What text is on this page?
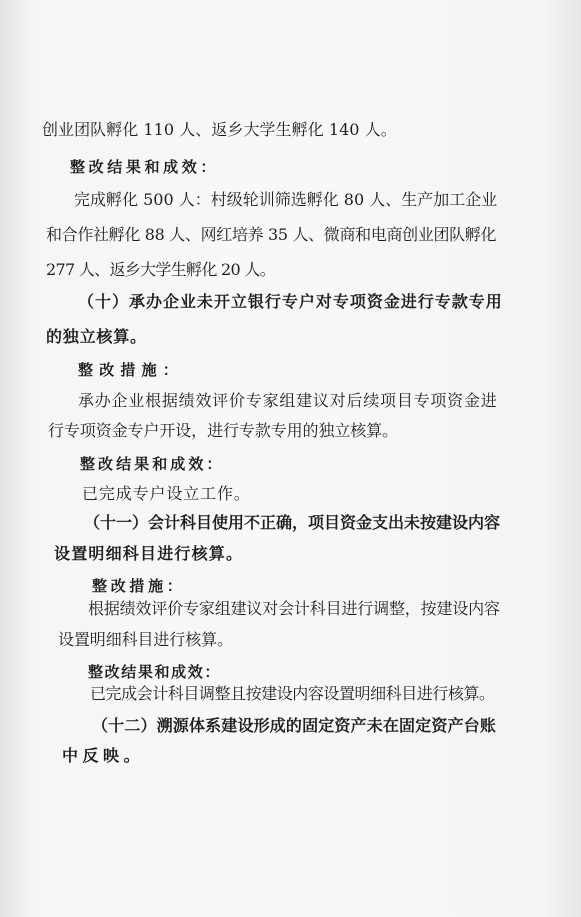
创业团队孵化 110 人、返乡大学生孵化 140 人。
整改结果和成效：
完成孵化 500 人：村级轮训筛选孵化 80 人、生产加工企业
和合作社孵化 88 人、网红培养 35 人、微商和电商创业团队孵化
277 人、返乡大学生孵化 20 人。
（十）承办企业未开立银行专户对专项资金进行专款专用
的独立核算。
整改措施：
承办企业根据绩效评价专家组建议对后续项目专项资金进
行专项资金专户开设，进行专款专用的独立核算。
整改结果和成效：
已完成专户设立工作。
（十一）会计科目使用不正确，项目资金支出未按建设内容
设置明细科目进行核算。
整改措施：
根据绩效评价专家组建议对会计科目进行调整，按建设内容
设置明细科目进行核算。
整改结果和成效：
已完成会计科目调整且按建设内容设置明细科目进行核算。
（十二）溯源体系建设形成的固定资产未在固定资产台账
中反映。
